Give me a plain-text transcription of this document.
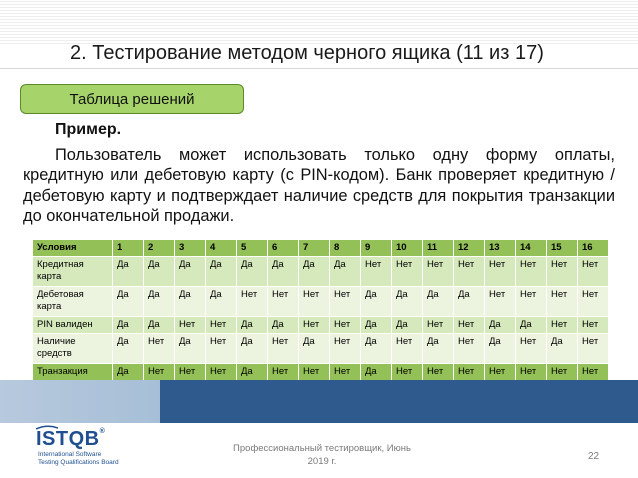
2. Тестирование методом черного ящика (11 из 17)
Таблица решений
Пример.

Пользователь может использовать только одну форму оплаты, кредитную или дебетовую карту (с PIN-кодом). Банк проверяет кредитную / дебетовую карту и подтверждает наличие средств для покрытия транзакции до окончательной продажи.

Условия	1	2	3	4	5	6	7	8	9	10	11	12	13	14	15	16
Кредитная карта	Да	Да	Да	Да	Да	Да	Да	Да	Нет	Нет	Нет	Нет	Нет	Нет	Нет	Нет
Дебетовая карта	Да	Да	Да	Да	Нет	Нет	Нет	Нет	Да	Да	Да	Да	Нет	Нет	Нет	Нет
PIN валиден	Да	Да	Нет	Нет	Да	Да	Нет	Нет	Да	Да	Нет	Нет	Да	Да	Нет	Нет
Наличие средств	Да	Нет	Да	Нет	Да	Нет	Да	Нет	Да	Нет	Да	Нет	Да	Нет	Да	Нет
Транзакция	Да	Нет	Нет	Нет	Да	Нет	Нет	Нет	Да	Нет	Нет	Нет	Нет	Нет	Нет	Нет
ISTQB®
International Software
Testing Qualifications Board
Профессиональный тестировщик, Июнь
2019 г.	22
